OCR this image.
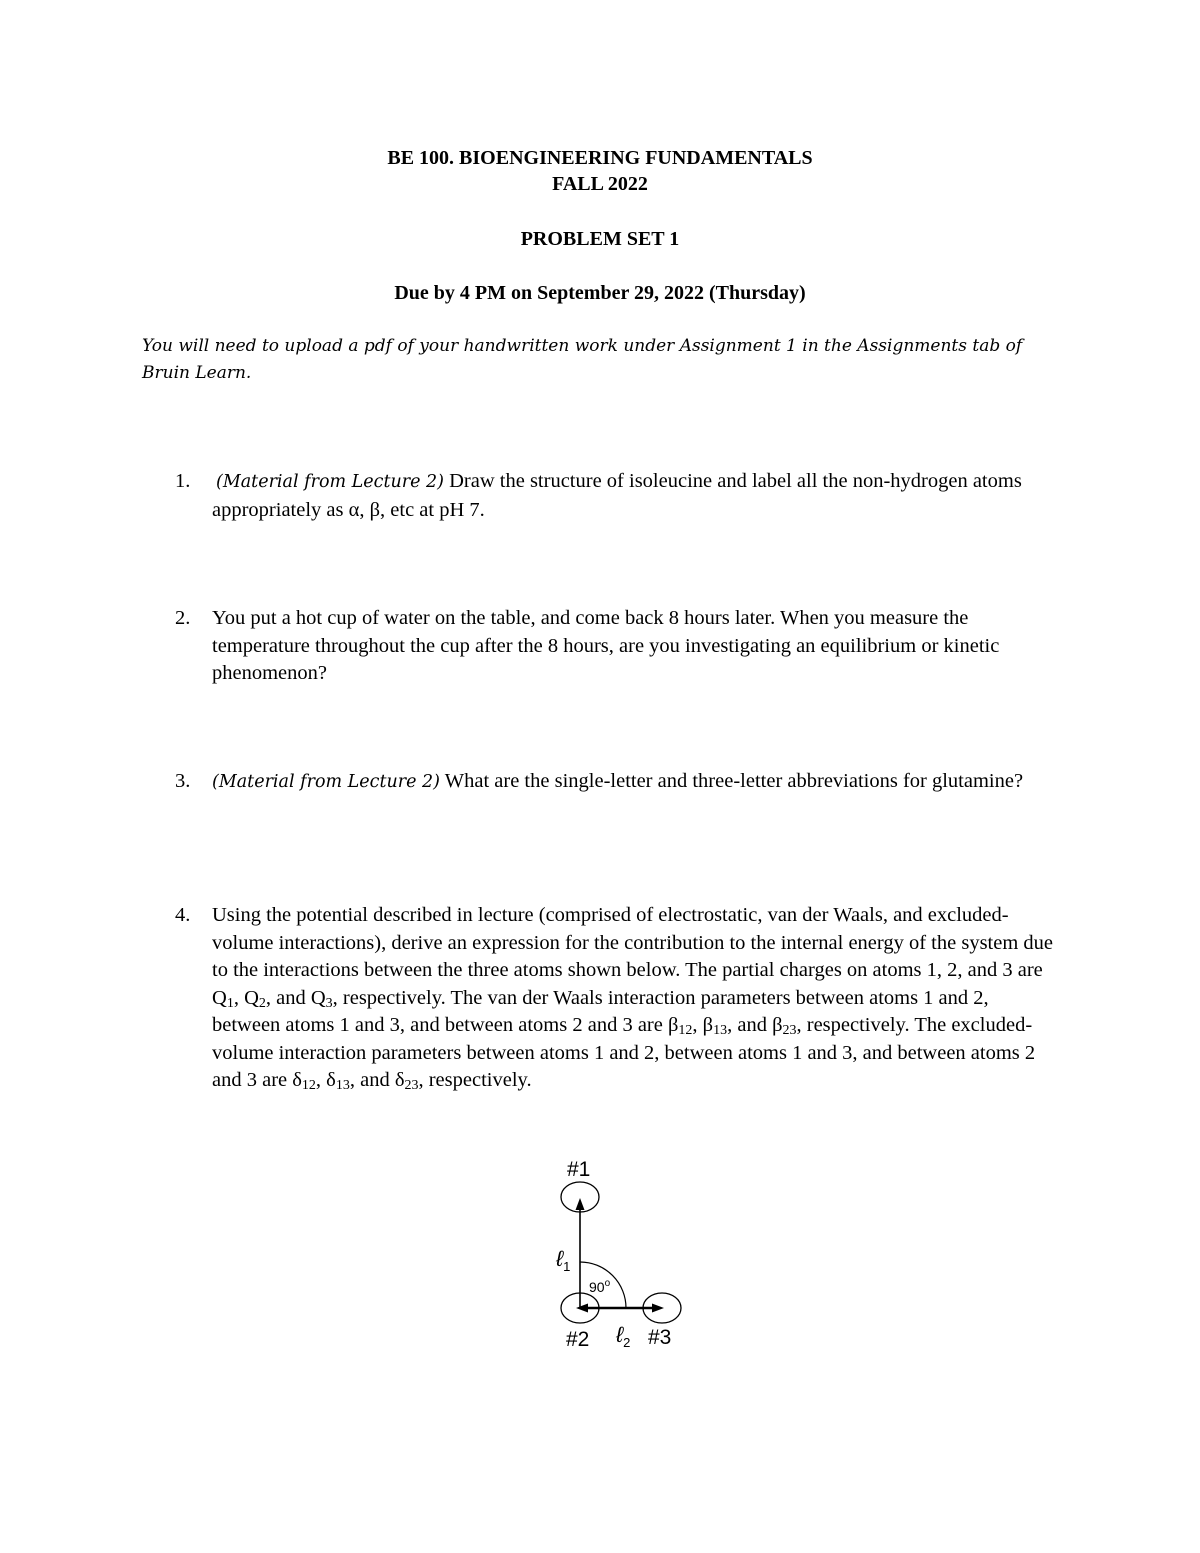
BE 100. BIOENGINEERING FUNDAMENTALS
FALL 2022
PROBLEM SET 1
Due by 4 PM on September 29, 2022 (Thursday)
You will need to upload a pdf of your handwritten work under Assignment 1 in the Assignments tab of Bruin Learn.
1. (Material from Lecture 2) Draw the structure of isoleucine and label all the non-hydrogen atoms appropriately as α, β, etc at pH 7.
2. You put a hot cup of water on the table, and come back 8 hours later. When you measure the temperature throughout the cup after the 8 hours, are you investigating an equilibrium or kinetic phenomenon?
3. (Material from Lecture 2) What are the single-letter and three-letter abbreviations for glutamine?
4. Using the potential described in lecture (comprised of electrostatic, van der Waals, and excluded-volume interactions), derive an expression for the contribution to the internal energy of the system due to the interactions between the three atoms shown below. The partial charges on atoms 1, 2, and 3 are $Q_1$, $Q_2$, and $Q_3$, respectively. The van der Waals interaction parameters between atoms 1 and 2, between atoms 1 and 3, and between atoms 2 and 3 are $\beta_{12}$, $\beta_{13}$, and $\beta_{23}$, respectively. The excluded-volume interaction parameters between atoms 1 and 2, between atoms 1 and 3, and between atoms 2 and 3 are $\delta_{12}$, $\delta_{13}$, and $\delta_{23}$, respectively.
#1
90$^o$
ℓ$_1$
#2 ℓ$_2$ #3
